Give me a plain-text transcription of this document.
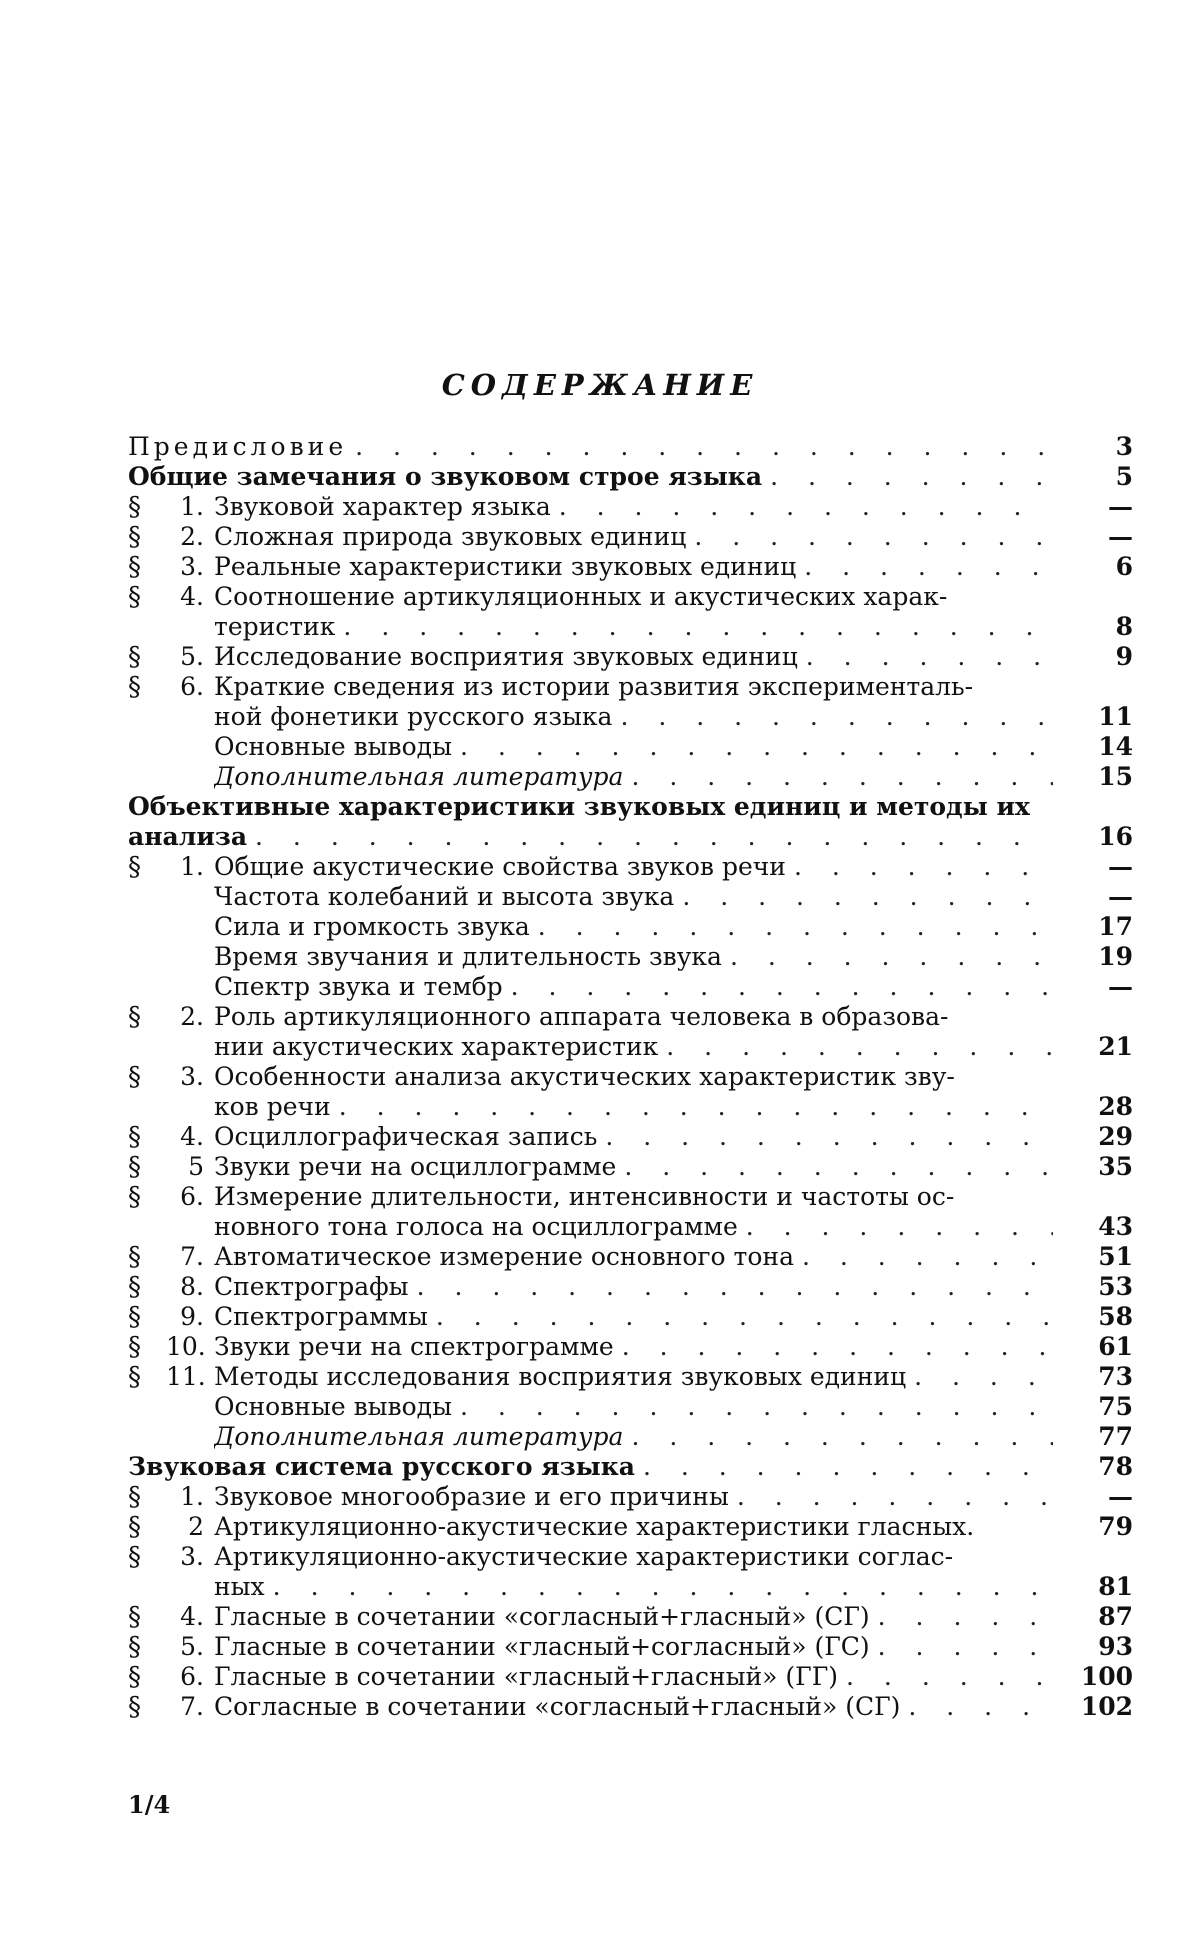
СОДЕРЖАНИЕ
Предисловие . . .	3
Общие замечания о звуковом строе языка . . .	5
§	1. Звуковой характер языка . . .	—
§	2. Сложная природа звуковых единиц . . .	—
§	3. Реальные характеристики звуковых единиц . . .	6
§	4. Соотношение артикуляционных и акустических харак-
теристик . . .	8
§	5. Исследование восприятия звуковых единиц . . .	9
§	6. Краткие сведения из истории развития эксперименталь-
ной фонетики русского языка . . .	11
Основные выводы . . .	14
Дополнительная литература . . .	15
Объективные характеристики звуковых единиц и методы их
анализа . . .	16
§	1. Общие акустические свойства звуков речи . . .	—
Частота колебаний и высота звука . . .	—
Сила и громкость звука . . .	17
Время звучания и длительность звука . . .	19
Спектр звука и тембр . . .	—
§	2. Роль артикуляционного аппарата человека в образова-
нии акустических характеристик . . .	21
§	3. Особенности анализа акустических характеристик зву-
ков речи . . .	28
§	4. Осциллографическая запись . . .	29
§	5 Звуки речи на осциллограмме . . .	35
§	6. Измерение длительности, интенсивности и частоты ос-
новного тона голоса на осциллограмме . . .	43
§	7. Автоматическое измерение основного тона . . .	51
§	8. Спектрографы . . .	53
§	9. Спектрограммы . . .	58
§	10. Звуки речи на спектрограмме . . .	61
§	11. Методы исследования восприятия звуковых единиц . . .	73
Основные выводы . . .	75
Дополнительная литература . . .	77
Звуковая система русского языка . . .	78
§	1. Звуковое многообразие и его причины . . .	—
§	2 Артикуляционно-акустические характеристики гласных.	79
§	3. Артикуляционно-акустические характеристики соглас-
ных . . .	81
§	4. Гласные в сочетании «согласный+гласный» (СГ) . . .	87
§	5. Гласные в сочетании «гласный+согласный» (ГС) . . .	93
§	6. Гласные в сочетании «гласный+гласный» (ГГ) . . .	100
§	7. Согласные в сочетании «согласный+гласный» (СГ) . . .	102
1/4
